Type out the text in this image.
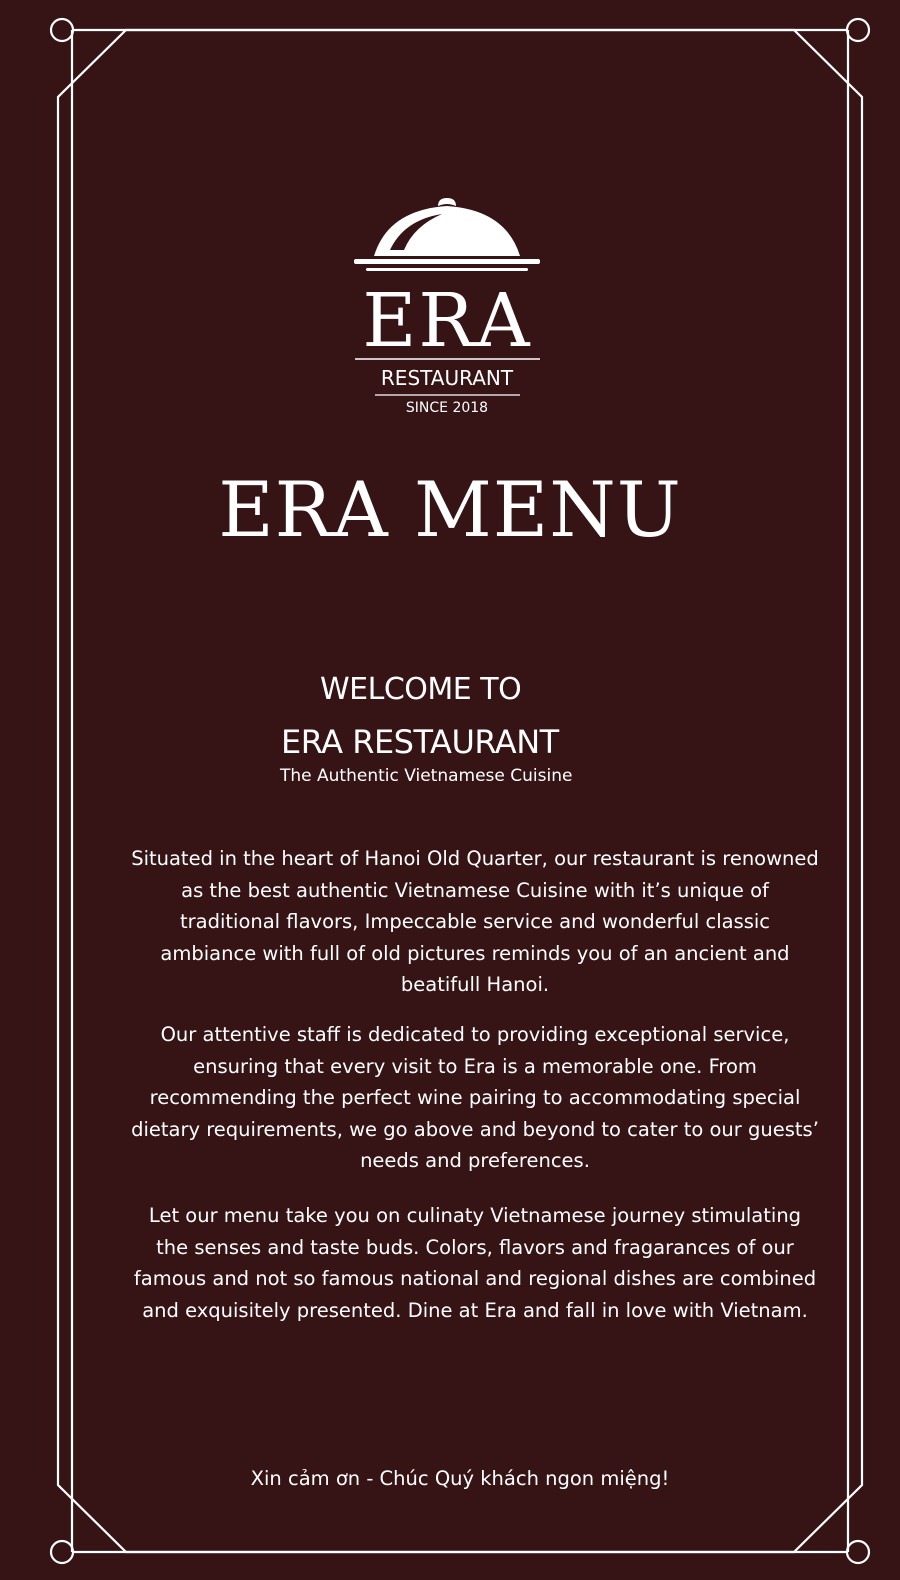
ERA
RESTAURANT
SINCE 2018
ERA MENU
WELCOME TO
ERA RESTAURANT

The Authentic Vietnamese Cuisine

Situated in the heart of Hanoi Old Quarter, our restaurant is renowned as the best authentic Vietnamese Cuisine with it’s unique of traditional flavors, Impeccable service and wonderful classic ambiance with full of old pictures reminds you of an ancient and beatifull Hanoi.

Our attentive staff is dedicated to providing exceptional service, ensuring that every visit to Era is a memorable one. From recommending the perfect wine pairing to accommodating special dietary requirements, we go above and beyond to cater to our guests’ needs and preferences.

Let our menu take you on culinaty Vietnamese journey stimulating the senses and taste buds. Colors, flavors and fragarances of our famous and not so famous national and regional dishes are combined and exquisitely presented. Dine at Era and fall in love with Vietnam.

Xin cảm ơn - Chúc Quý khách ngon miệng!
